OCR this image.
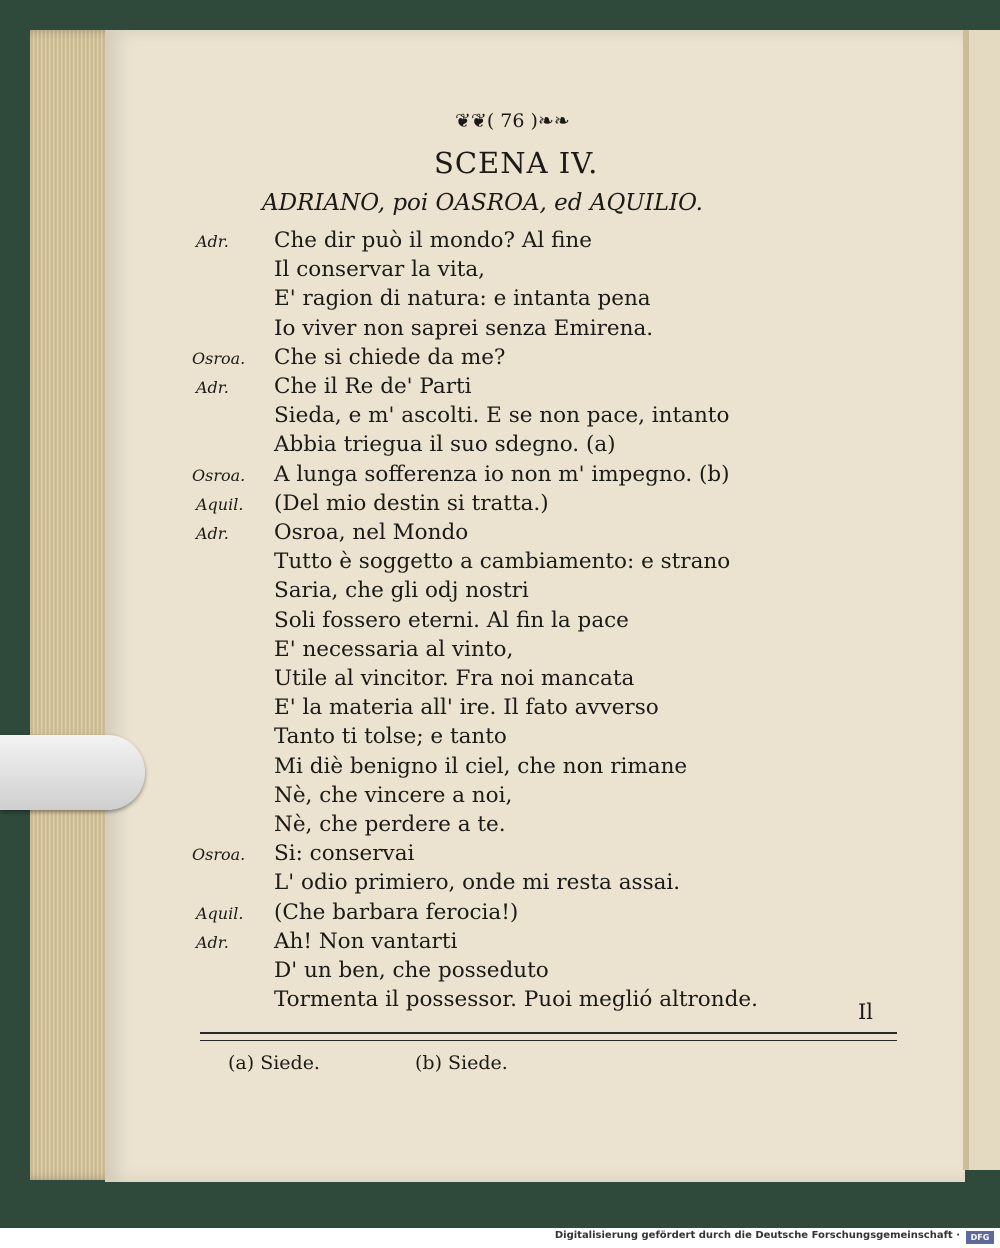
❦❦( 76 )❧❧
SCENA IV.
ADRIANO, poi OASROA, ed AQUILIO.
Adr. Che dir può il mondo? Al fine
Il conservar la vita,
E' ragion di natura: e intanta pena
Io viver non saprei senza Emirena.
Osroa. Che si chiede da me?
Adr. Che il Re de' Parti
Sieda, e m' ascolti. E se non pace, intanto
Abbia triegua il suo sdegno. (a)
Osroa. A lunga sofferenza io non m' impegno. (b)
Aquil. (Del mio destin si tratta.)
Adr. Osroa, nel Mondo
Tutto è soggetto a cambiamento: e strano
Saria, che gli odj nostri
Soli fossero eterni. Al fin la pace
E' necessaria al vinto,
Utile al vincitor. Fra noi mancata
E' la materia all' ire. Il fato avverso
Tanto ti tolse; e tanto
Mi diè benigno il ciel, che non rimane
Nè, che vincere a noi,
Nè, che perdere a te.
Osroa. Si: conservai
L' odio primiero, onde mi resta assai.
Aquil. (Che barbara ferocia!)
Adr. Ah! Non vantarti
D' un ben, che posseduto
Tormenta il possessor. Puoi meglió altronde.	Il
(a) Siede.	(b) Siede.
Digitalisierung gefördert durch die Deutsche Forschungsgemeinschaft ·	DFG
